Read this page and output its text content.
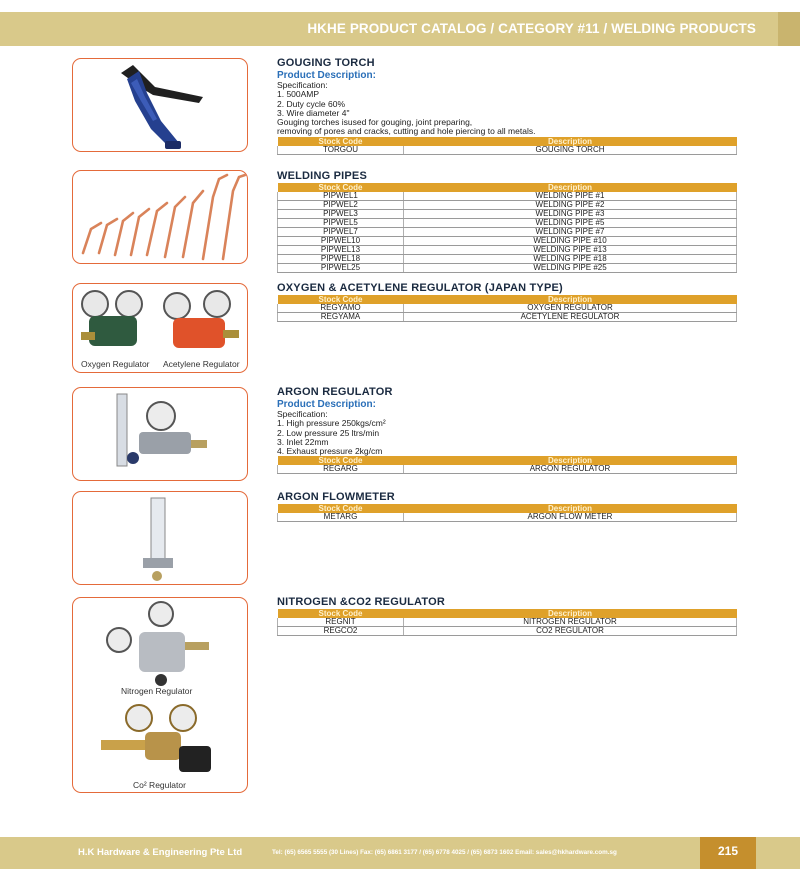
HKHE PRODUCT CATALOG / CATEGORY #11 / WELDING PRODUCTS
Oxygen Regulator Acetylene Regulator
Nitrogen Regulator
Co² Regulator
GOUGING TORCH
Product Description:
Specification:
1. 500AMP
2. Duty cycle 60%
3. Wire diameter 4"
Gouging torches isused for gouging, joint preparing,
removing of pores and cracks, cutting and hole piercing to all metals.
Stock Code	Description
TORGOU	GOUGING TORCH
WELDING PIPES
Stock Code	Description
PIPWEL1	WELDING PIPE #1
PIPWEL2	WELDING PIPE #2
PIPWEL3	WELDING PIPE #3
PIPWEL5	WELDING PIPE #5
PIPWEL7	WELDING PIPE #7
PIPWEL10	WELDING PIPE #10
PIPWEL13	WELDING PIPE #13
PIPWEL18	WELDING PIPE #18
PIPWEL25	WELDING PIPE #25
OXYGEN & ACETYLENE REGULATOR (JAPAN TYPE)
Stock Code	Description
REGYAMO	OXYGEN REGULATOR
REGYAMA	ACETYLENE REGULATOR
ARGON REGULATOR
Product Description:
Specification:
1. High pressure 250kgs/cm²
2. Low pressure 25 ltrs/min
3. Inlet 22mm
4. Exhaust pressure 2kg/cm
Stock Code	Description
REGARG	ARGON REGULATOR
ARGON FLOWMETER
Stock Code	Description
METARG	ARGON FLOW METER
NITROGEN &CO2 REGULATOR
Stock Code	Description
REGNIT	NITROGEN REGULATOR
REGCO2	CO2 REGULATOR
H.K Hardware & Engineering Pte Ltd	Tel: (65) 6565 5555 (30 Lines) Fax: (65) 6861 3177 / (65) 6778 4025 / (65) 6873 1602 Email: sales@hkhardware.com.sg	215
